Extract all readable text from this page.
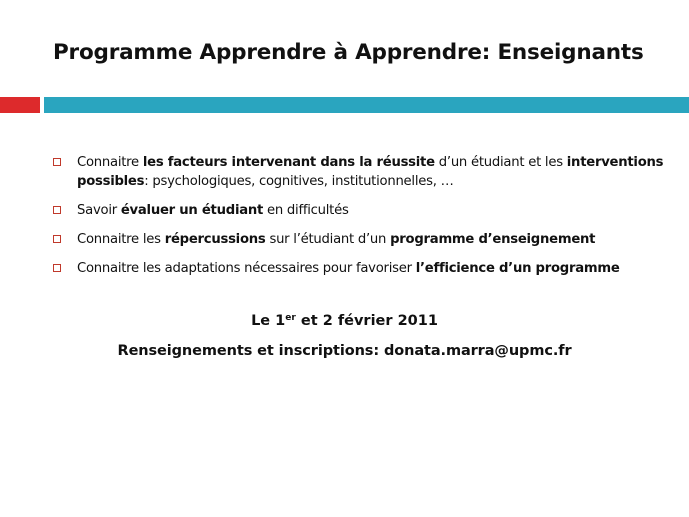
Programme Apprendre à Apprendre: Enseignants
Connaitre les facteurs intervenant dans la réussite d’un étudiant et les interventions possibles: psychologiques, cognitives, institutionnelles, …
Savoir évaluer un étudiant en difficultés
Connaitre les répercussions sur l’étudiant d’un programme d’enseignement
Connaitre les adaptations nécessaires pour favoriser l’efficience d’un programme
Le 1er et 2 février 2011
Renseignements et inscriptions: donata.marra@upmc.fr
